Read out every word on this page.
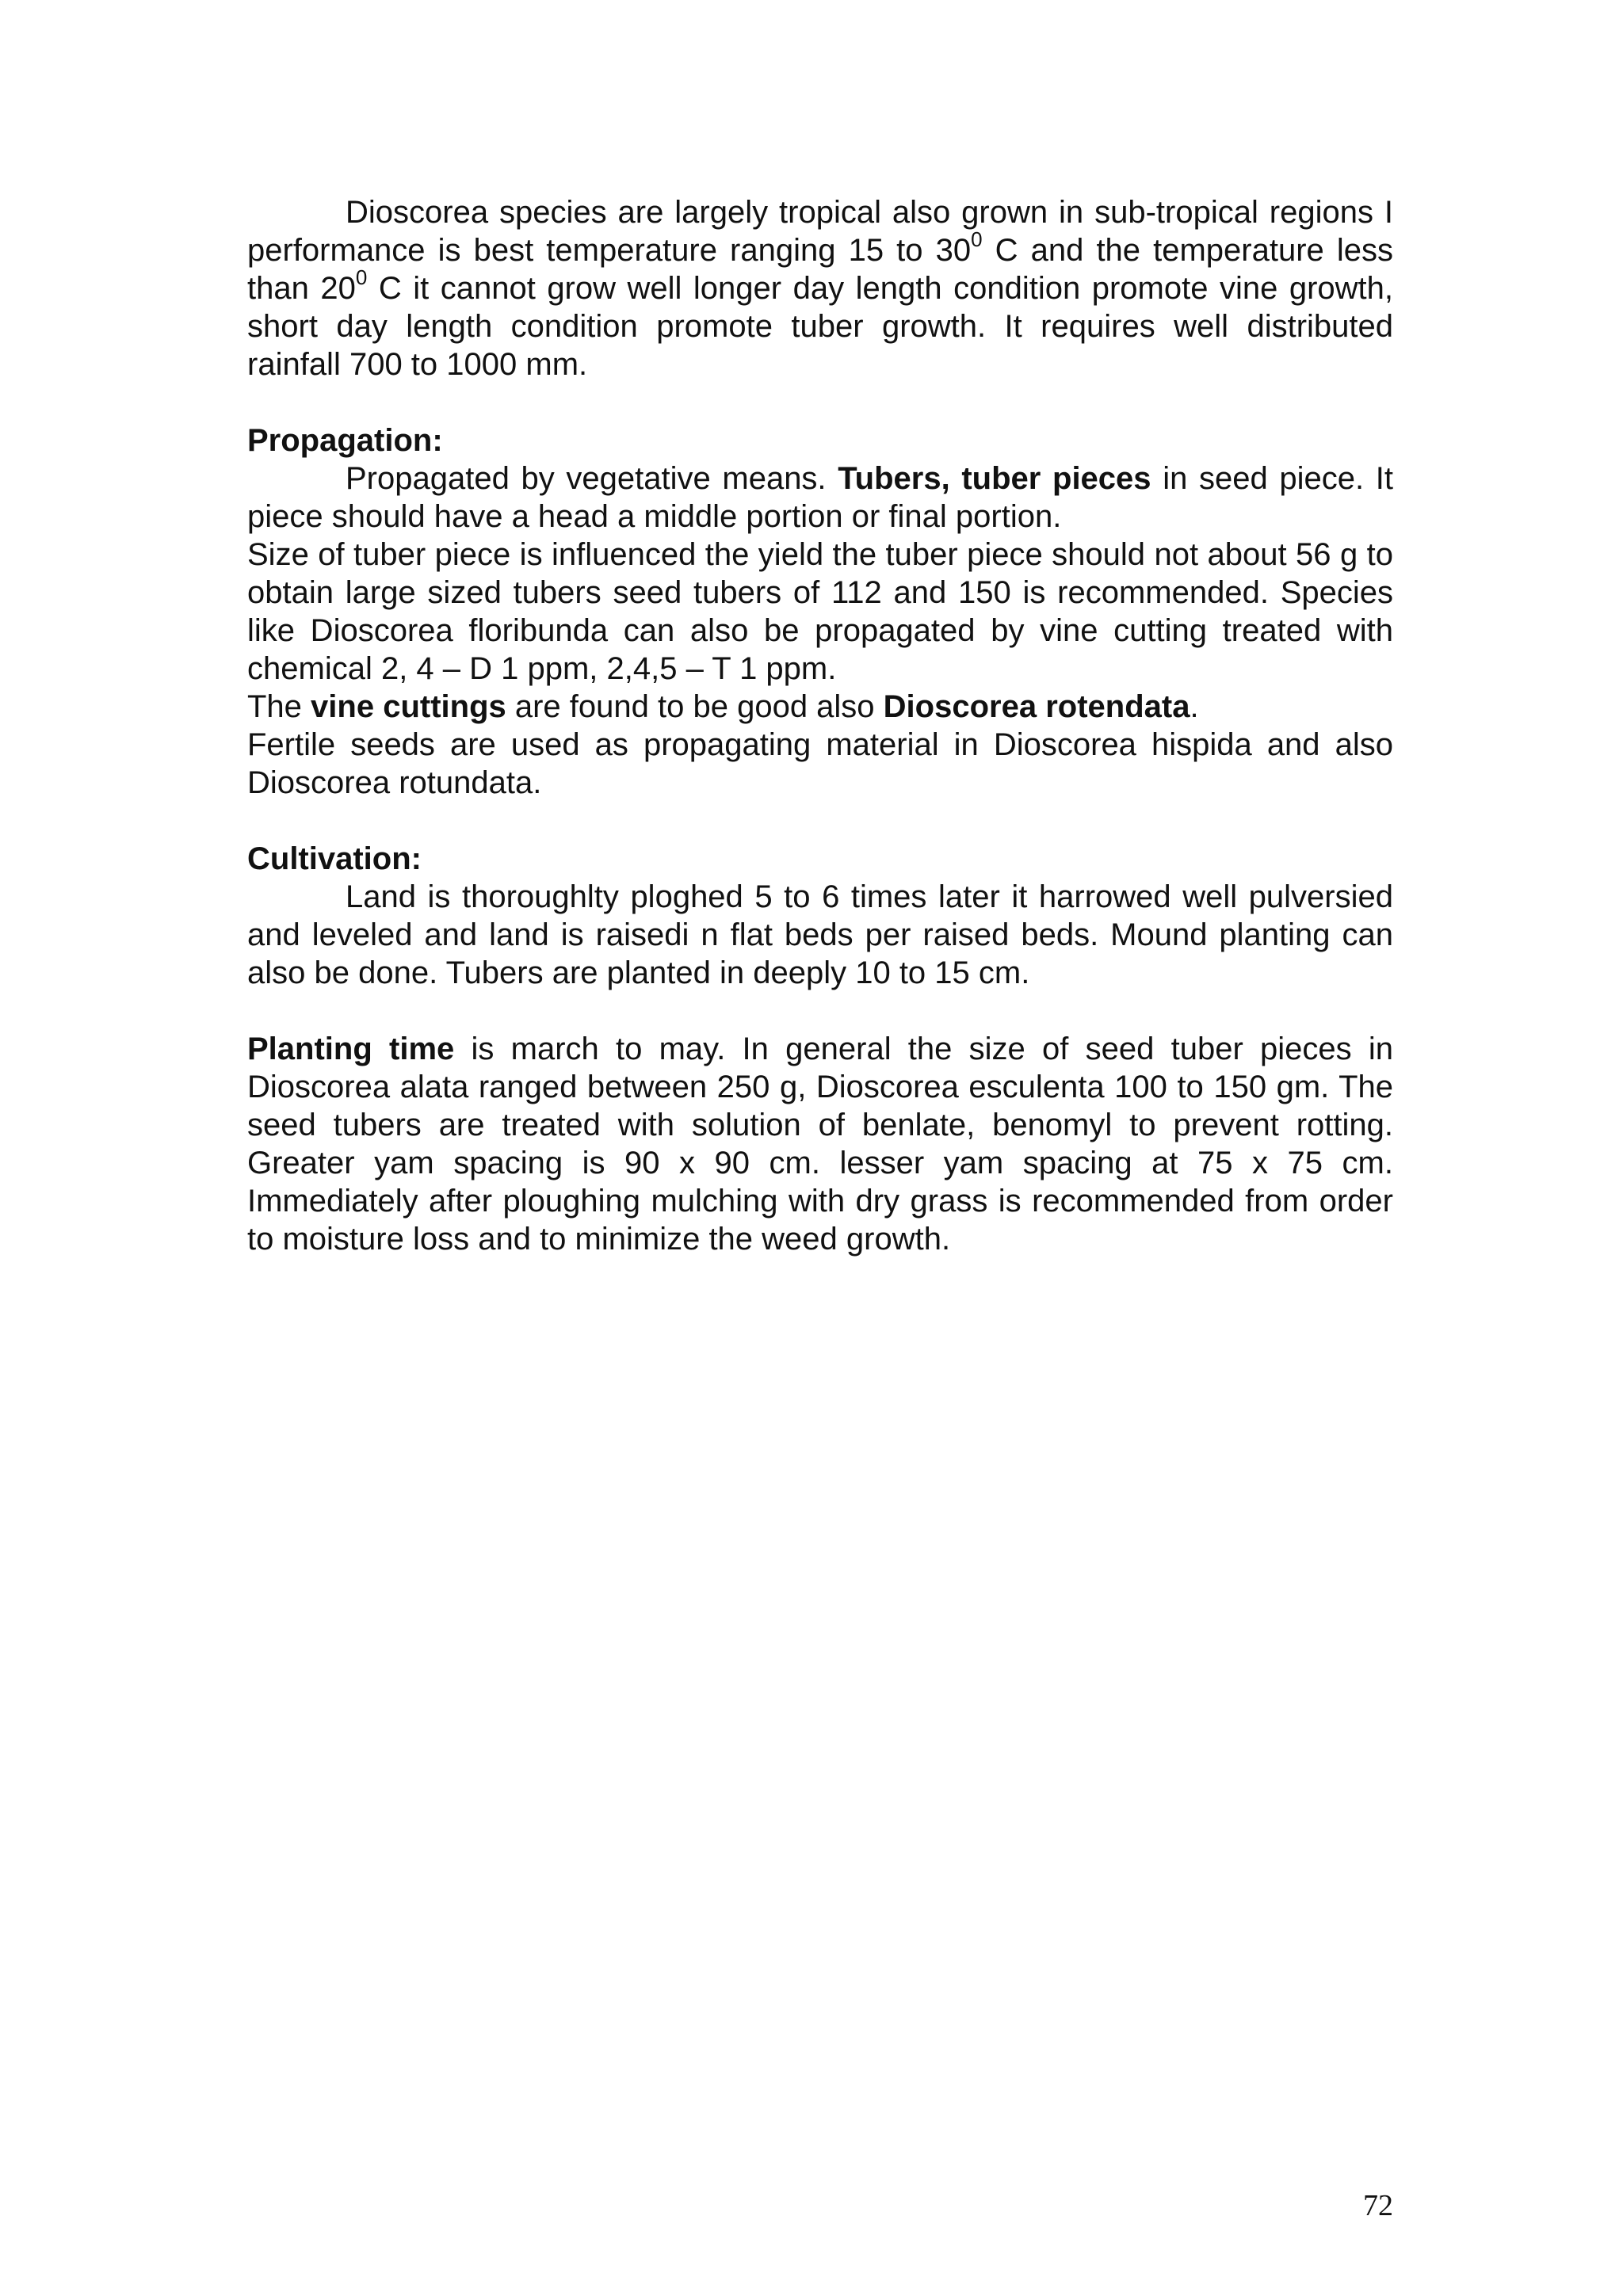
Dioscorea species are largely tropical also grown in sub-tropical regions I performance is best temperature ranging 15 to $30^0$ C and the temperature less than $20^0$ C it cannot grow well longer day length condition promote vine growth, short day length condition promote tuber growth. It requires well distributed rainfall 700 to 1000 mm.

Propagation:

Propagated by vegetative means. Tubers, tuber pieces in seed piece. It piece should have a head a middle portion or final portion.

Size of tuber piece is influenced the yield the tuber piece should not about 56 g to obtain large sized tubers seed tubers of 112 and 150 is recommended. Species like Dioscorea floribunda can also be propagated by vine cutting treated with chemical 2, 4 – D 1 ppm, 2,4,5 – T 1 ppm.

The vine cuttings are found to be good also Dioscorea rotendata.

Fertile seeds are used as propagating material in Dioscorea hispida and also Dioscorea rotundata.

Cultivation:

Land is thoroughlty ploghed 5 to 6 times later it harrowed well pulversied and leveled and land is raisedi n flat beds per raised beds. Mound planting can also be done. Tubers are planted in deeply 10 to 15 cm.

Planting time is march to may. In general the size of seed tuber pieces in Dioscorea alata ranged between 250 g, Dioscorea esculenta 100 to 150 gm. The seed tubers are treated with solution of benlate, benomyl to prevent rotting. Greater yam spacing is 90 x 90 cm. lesser yam spacing at 75 x 75 cm. Immediately after ploughing mulching with dry grass is recommended from order to moisture loss and to minimize the weed growth.

72
